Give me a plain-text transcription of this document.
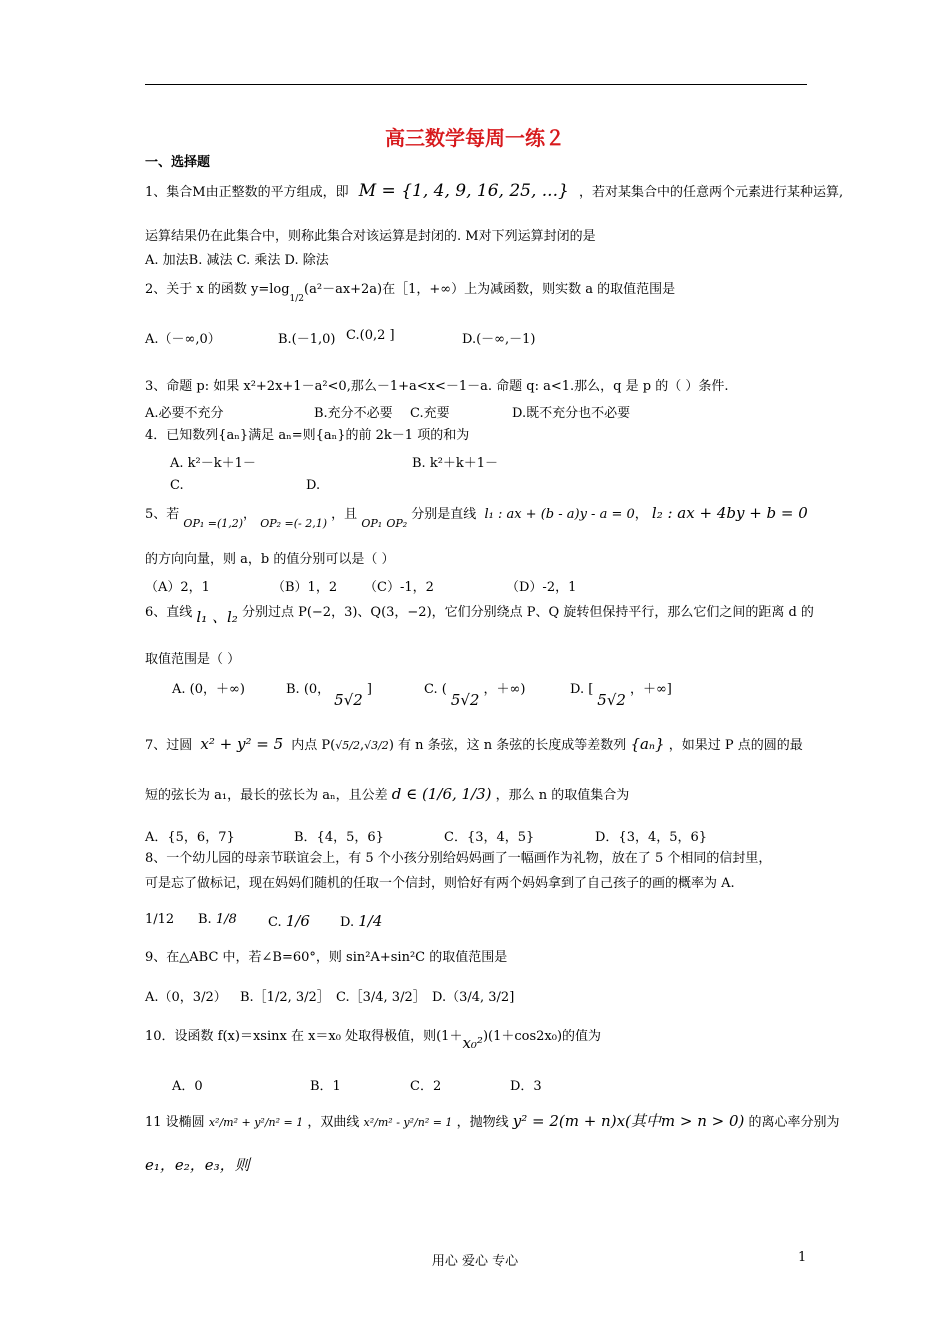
高三数学每周一练２
一、选择题
1、集合M由正整数的平方组成，即 M = {1, 4, 9, 16, 25, ...} ，若对某集合中的任意两个元素进行某种运算,
运算结果仍在此集合中，则称此集合对该运算是封闭的. M对下列运算封闭的是
A. 加法B. 减法 C. 乘法 D. 除法
2、关于 x 的函数 $y=\log_{1/2}(a^2-ax+2a)$在［1，+∞）上为减函数，则实数 a 的取值范围是
A.（－∞,0）	B.(－1,0) C.(0,2 ]	D.(－∞,－1)
3、命题 p: 如果 x²+2x+1－a²<0,那么－1+a<x<－1－a. 命题 q: a<1.那么，q 是 p 的（ ）条件.
A.必要不充分	B.充分不必要 C.充要	D.既不充分也不必要
4．已知数列{aₙ}满足 aₙ=则{aₙ}的前 2k－1 项的和为
A. k²－k＋1－	B. k²＋k＋1－
C.	D.
5、若 $_{OP_1 =(1,2)}$， $_{OP_2 =(- 2,1)}$ ，且 $_{OP_1}$ $_{OP_2}$ 分别是直线 l₁ : ax + (b - a)y - a = 0， l₂ : ax + 4by + b = 0
的方向向量，则 a，b 的值分别可以是（ ）
（A）2，1	（B）1，2 （C）-1，2	（D）-2，1
6、直线 l₁ 、l₂ 分别过点 P(−2，3)、Q(3，−2)，它们分别绕点 P、Q 旋转但保持平行，那么它们之间的距离 d 的
取值范围是（ ）
A. (0，＋∞)	B. (0，5√2]	C. (5√2，＋∞)	D. [5√2，＋∞]
7、过圆 x² + y² = 5 内点 P(√5/2,√3/2) 有 n 条弦，这 n 条弦的长度成等差数列 {aₙ} ，如果过 P 点的圆的最
短的弦长为 a₁，最长的弦长为 aₙ，且公差 d ∈ (1/6, 1/3) ，那么 n 的取值集合为
A．{5，6，7}	B．{4，5，6}	C．{3，4，5}	D．{3，4，5，6}
8、一个幼儿园的母亲节联谊会上，有 5 个小孩分别给妈妈画了一幅画作为礼物，放在了 5 个相同的信封里，
可是忘了做标记，现在妈妈们随机的任取一个信封，则恰好有两个妈妈拿到了自己孩子的画的概率为 A.
1/12 B. 1/8 C. 1/6 D. 1/4
9、在△ABC 中，若∠B=60°，则 sin²A+sin²C 的取值范围是
A.（0，3/2） B.［1/2, 3/2］ C.［3/4, 3/2］ D.（3/4, 3/2]
10．设函数 f(x)＝xsinx 在 x＝x₀ 处取得极值，则(1＋x₀²)(1＋cos2x₀)的值为
A．0	B．1	C．2	D．3
11 设椭圆 x²/m² + y²/n² = 1 ，双曲线 x²/m² - y²/n² = 1 ，抛物线 y² = 2(m + n)x(其中m > n > 0) 的离心率分别为
e₁，e₂，e₃，则
用心 爱心 专心	1
